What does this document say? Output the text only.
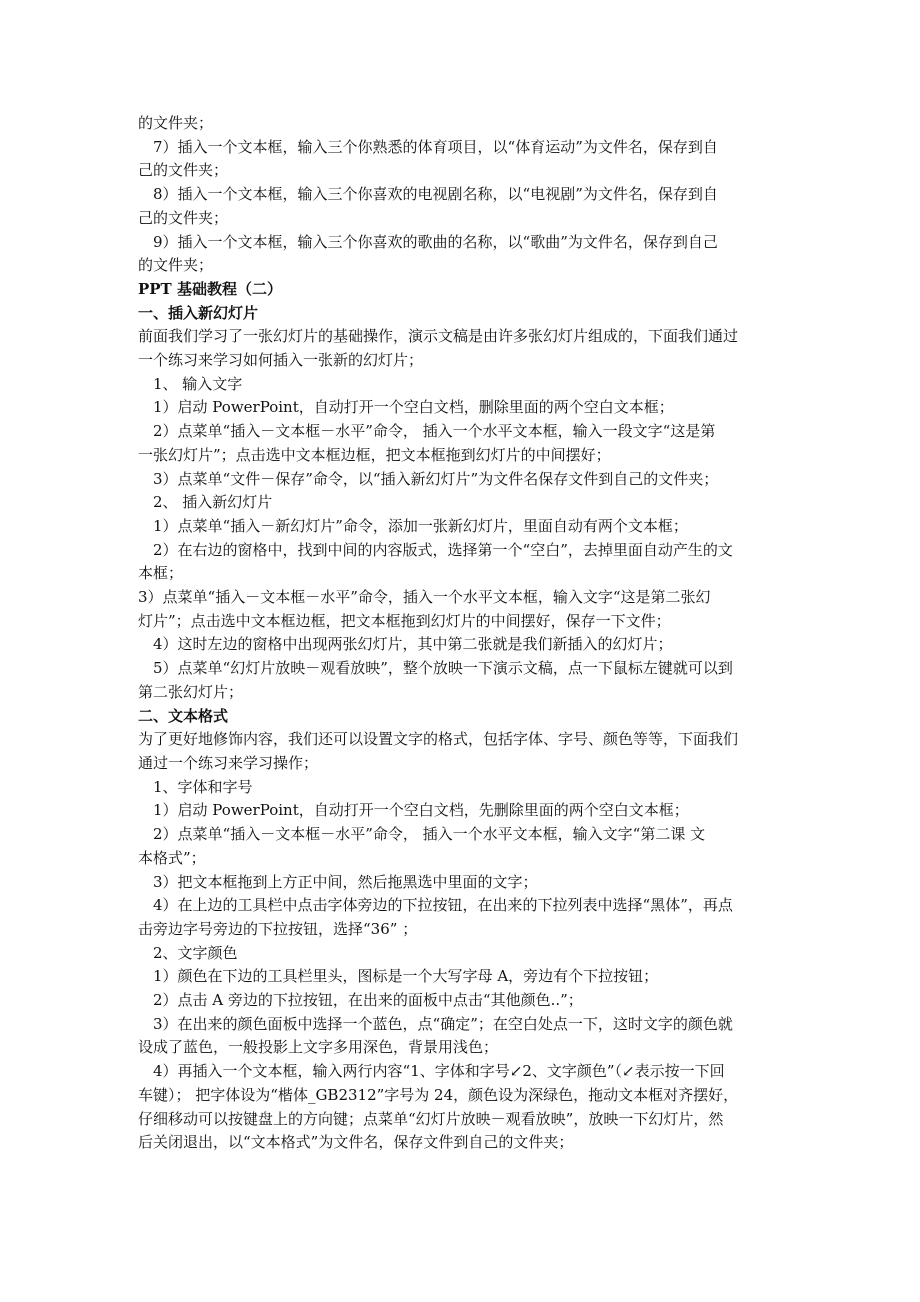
的文件夹；
7）插入一个文本框，输入三个你熟悉的体育项目，以“体育运动”为文件名，保存到自
己的文件夹；
8）插入一个文本框，输入三个你喜欢的电视剧名称，以“电视剧”为文件名，保存到自
己的文件夹；
9）插入一个文本框，输入三个你喜欢的歌曲的名称，以“歌曲”为文件名，保存到自己
的文件夹；
PPT 基础教程（二）
一、插入新幻灯片
前面我们学习了一张幻灯片的基础操作，演示文稿是由许多张幻灯片组成的，下面我们通过
一个练习来学习如何插入一张新的幻灯片；
1、 输入文字
1）启动 PowerPoint，自动打开一个空白文档，删除里面的两个空白文本框；
2）点菜单“插入－文本框－水平”命令， 插入一个水平文本框，输入一段文字“这是第
一张幻灯片”；点击选中文本框边框，把文本框拖到幻灯片的中间摆好；
3）点菜单“文件－保存”命令，以“插入新幻灯片”为文件名保存文件到自己的文件夹；
2、 插入新幻灯片
1）点菜单“插入－新幻灯片”命令，添加一张新幻灯片，里面自动有两个文本框；
2）在右边的窗格中，找到中间的内容版式，选择第一个“空白”，去掉里面自动产生的文
本框；
3）点菜单“插入－文本框－水平”命令，插入一个水平文本框，输入文字“这是第二张幻
灯片”；点击选中文本框边框，把文本框拖到幻灯片的中间摆好，保存一下文件；
4）这时左边的窗格中出现两张幻灯片，其中第二张就是我们新插入的幻灯片；
5）点菜单“幻灯片放映－观看放映”，整个放映一下演示文稿，点一下鼠标左键就可以到
第二张幻灯片；
二、文本格式
为了更好地修饰内容，我们还可以设置文字的格式，包括字体、字号、颜色等等，下面我们
通过一个练习来学习操作；
1、字体和字号
1）启动 PowerPoint，自动打开一个空白文档，先删除里面的两个空白文本框；
2）点菜单“插入－文本框－水平”命令， 插入一个水平文本框，输入文字“第二课 文
本格式”；
3）把文本框拖到上方正中间，然后拖黑选中里面的文字；
4）在上边的工具栏中点击字体旁边的下拉按钮，在出来的下拉列表中选择“黑体”，再点
击旁边字号旁边的下拉按钮，选择“36” ；
2、文字颜色
1）颜色在下边的工具栏里头，图标是一个大写字母 A，旁边有个下拉按钮；
2）点击 A 旁边的下拉按钮，在出来的面板中点击“其他颜色..”；
3）在出来的颜色面板中选择一个蓝色，点“确定”；在空白处点一下，这时文字的颜色就
设成了蓝色，一般投影上文字多用深色，背景用浅色；
4）再插入一个文本框，输入两行内容“1、字体和字号↙2、文字颜色”（↙表示按一下回
车键）； 把字体设为“楷体_GB2312”字号为 24，颜色设为深绿色，拖动文本框对齐摆好，
仔细移动可以按键盘上的方向键；点菜单“幻灯片放映－观看放映”，放映一下幻灯片，然
后关闭退出，以“文本格式”为文件名，保存文件到自己的文件夹；
